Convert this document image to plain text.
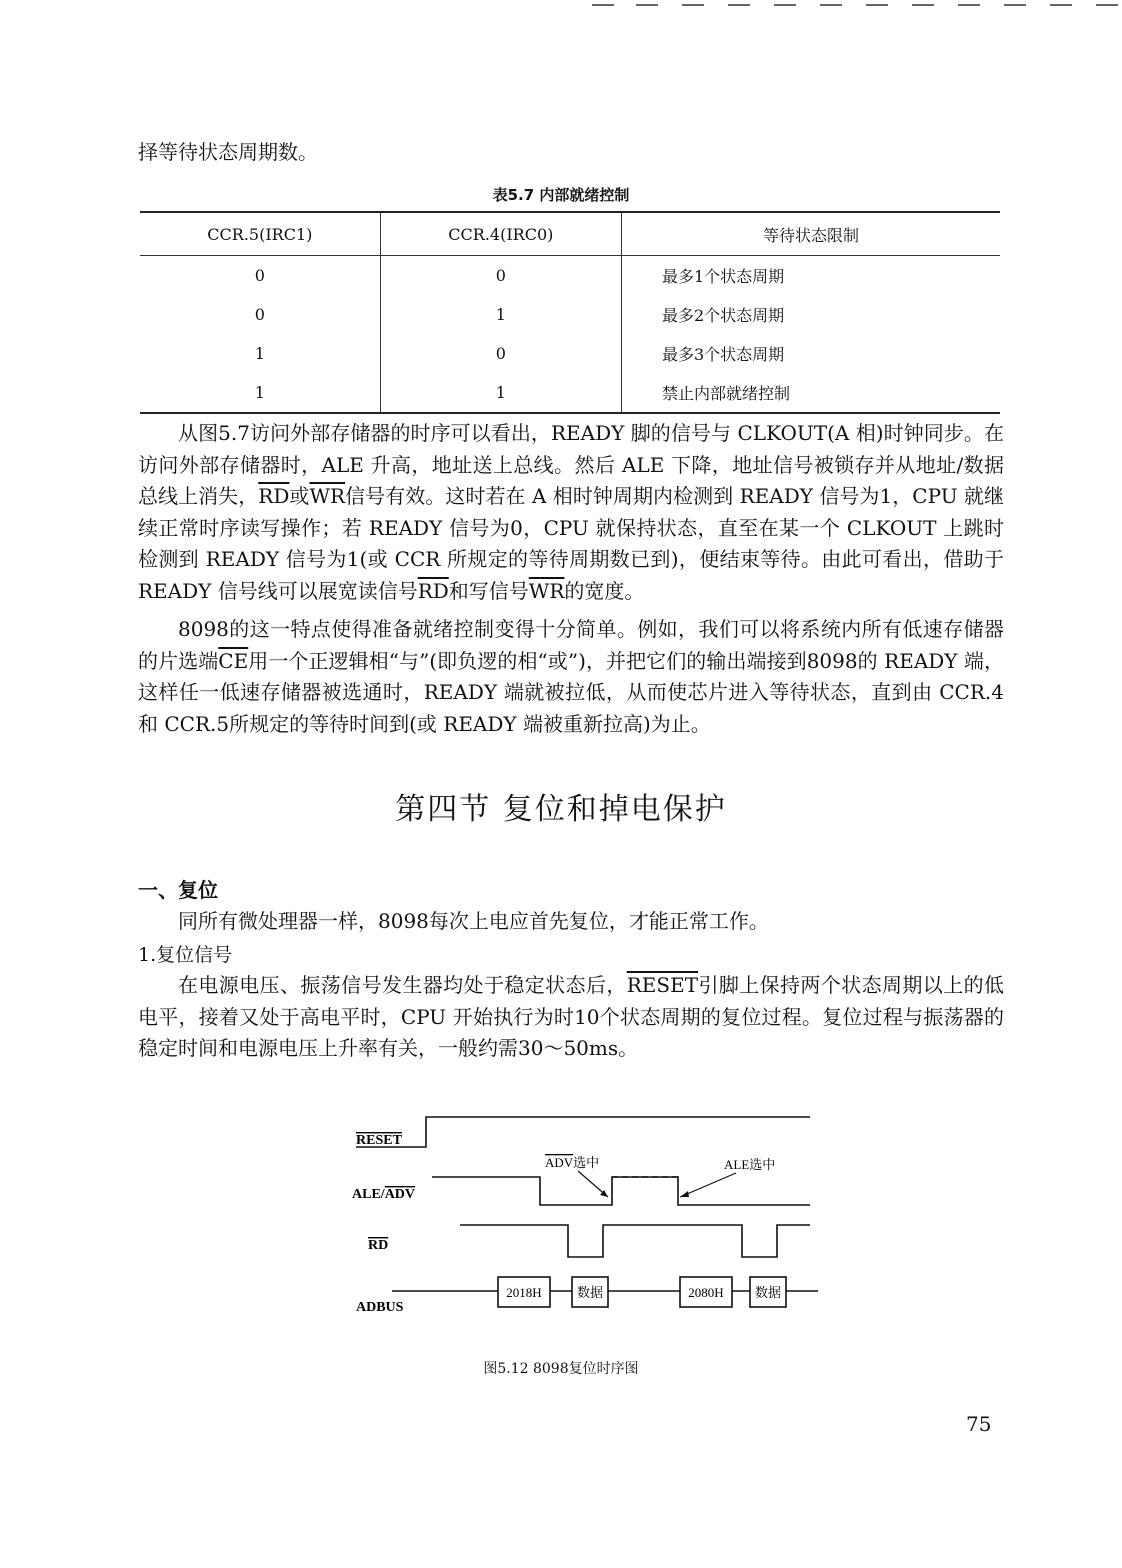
择等待状态周期数。

表5.7 内部就绪控制
CCR.5(IRC1)	CCR.4(IRC0)	等待状态限制
0	0	最多1个状态周期
0	1	最多2个状态周期
1	0	最多3个状态周期
1	1	禁止内部就绪控制

从图5.7访问外部存储器的时序可以看出，READY 脚的信号与 CLKOUT(A 相)时钟同步。在访问外部存储器时，ALE 升高，地址送上总线。然后 ALE 下降，地址信号被锁存并从地址/数据总线上消失，$\overline{RD}$或$\overline{WR}$信号有效。这时若在 A 相时钟周期内检测到 READY 信号为1，CPU 就继续正常时序读写操作；若 READY 信号为0，CPU 就保持状态，直至在某一个 CLKOUT 上跳时检测到 READY 信号为1(或 CCR 所规定的等待周期数已到)，便结束等待。由此可看出，借助于 READY 信号线可以展宽读信号$\overline{RD}$和写信号$\overline{WR}$的宽度。

8098的这一特点使得准备就绪控制变得十分简单。例如，我们可以将系统内所有低速存储器的片选端$\overline{CE}$用一个正逻辑相“与”(即负逻的相“或”)，并把它们的输出端接到8098的 READY 端，这样任一低速存储器被选通时，READY 端就被拉低，从而使芯片进入等待状态，直到由 CCR.4和 CCR.5所规定的等待时间到(或 READY 端被重新拉高)为止。

第四节 复位和掉电保护
一、复位

同所有微处理器一样，8098每次上电应首先复位，才能正常工作。

1.复位信号

在电源电压、振荡信号发生器均处于稳定状态后，RESET引脚上保持两个状态周期以上的低电平，接着又处于高电平时，CPU 开始执行为时10个状态周期的复位过程。复位过程与振荡器的稳定时间和电源电压上升率有关，一般约需30～50ms。

RESET
ALE/ADV
ADV选中	ALE选中
RD
ADBUS
2018H	数据	2080H 数据
图5.12 8098复位时序图
75
